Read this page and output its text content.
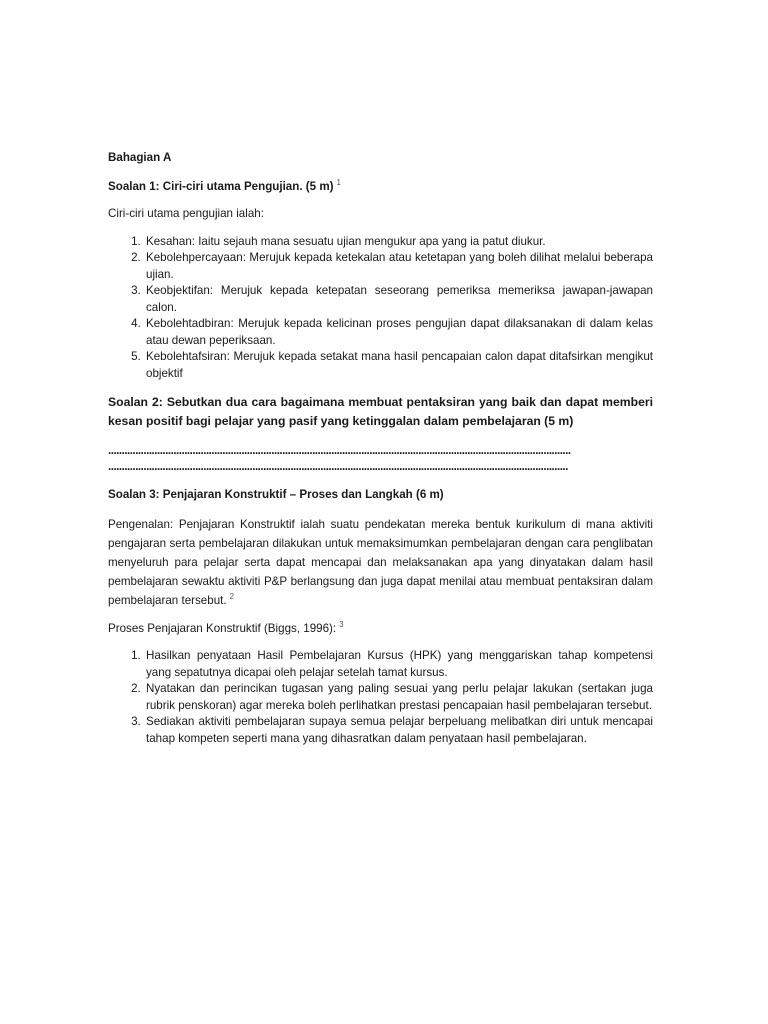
Bahagian A

Soalan 1: Ciri-ciri utama Pengujian. (5 m) $^1$

Ciri-ciri utama pengujian ialah:

1. Kesahan: Iaitu sejauh mana sesuatu ujian mengukur apa yang ia patut diukur.
2. Kebolehpercayaan: Merujuk kepada ketekalan atau ketetapan yang boleh dilihat melalui beberapa ujian.
3. Keobjektifan: Merujuk kepada ketepatan seseorang pemeriksa memeriksa jawapan-jawapan calon.
4. Kebolehtadbiran: Merujuk kepada kelicinan proses pengujian dapat dilaksanakan di dalam kelas atau dewan peperiksaan.
5. Kebolehtafsiran: Merujuk kepada setakat mana hasil pencapaian calon dapat ditafsirkan mengikut objektif

Soalan 2: Sebutkan dua cara bagaimana membuat pentaksiran yang baik dan dapat memberi kesan positif bagi pelajar yang pasif yang ketinggalan dalam pembelajaran (5 m)

..........................................................................................................................................................................

.........................................................................................................................................................................

Soalan 3: Penjajaran Konstruktif – Proses dan Langkah (6 m)

Pengenalan: Penjajaran Konstruktif ialah suatu pendekatan mereka bentuk kurikulum di mana aktiviti pengajaran serta pembelajaran dilakukan untuk memaksimumkan pembelajaran dengan cara penglibatan menyeluruh para pelajar serta dapat mencapai dan melaksanakan apa yang dinyatakan dalam hasil pembelajaran sewaktu aktiviti P&P berlangsung dan juga dapat menilai atau membuat pentaksiran dalam pembelajaran tersebut. $^2$

Proses Penjajaran Konstruktif (Biggs, 1996): $^3$

1. Hasilkan penyataan Hasil Pembelajaran Kursus (HPK) yang menggariskan tahap kompetensi yang sepatutnya dicapai oleh pelajar setelah tamat kursus.
2. Nyatakan dan perincikan tugasan yang paling sesuai yang perlu pelajar lakukan (sertakan juga rubrik penskoran) agar mereka boleh perlihatkan prestasi pencapaian hasil pembelajaran tersebut.
3. Sediakan aktiviti pembelajaran supaya semua pelajar berpeluang melibatkan diri untuk mencapai tahap kompeten seperti mana yang dihasratkan dalam penyataan hasil pembelajaran.
